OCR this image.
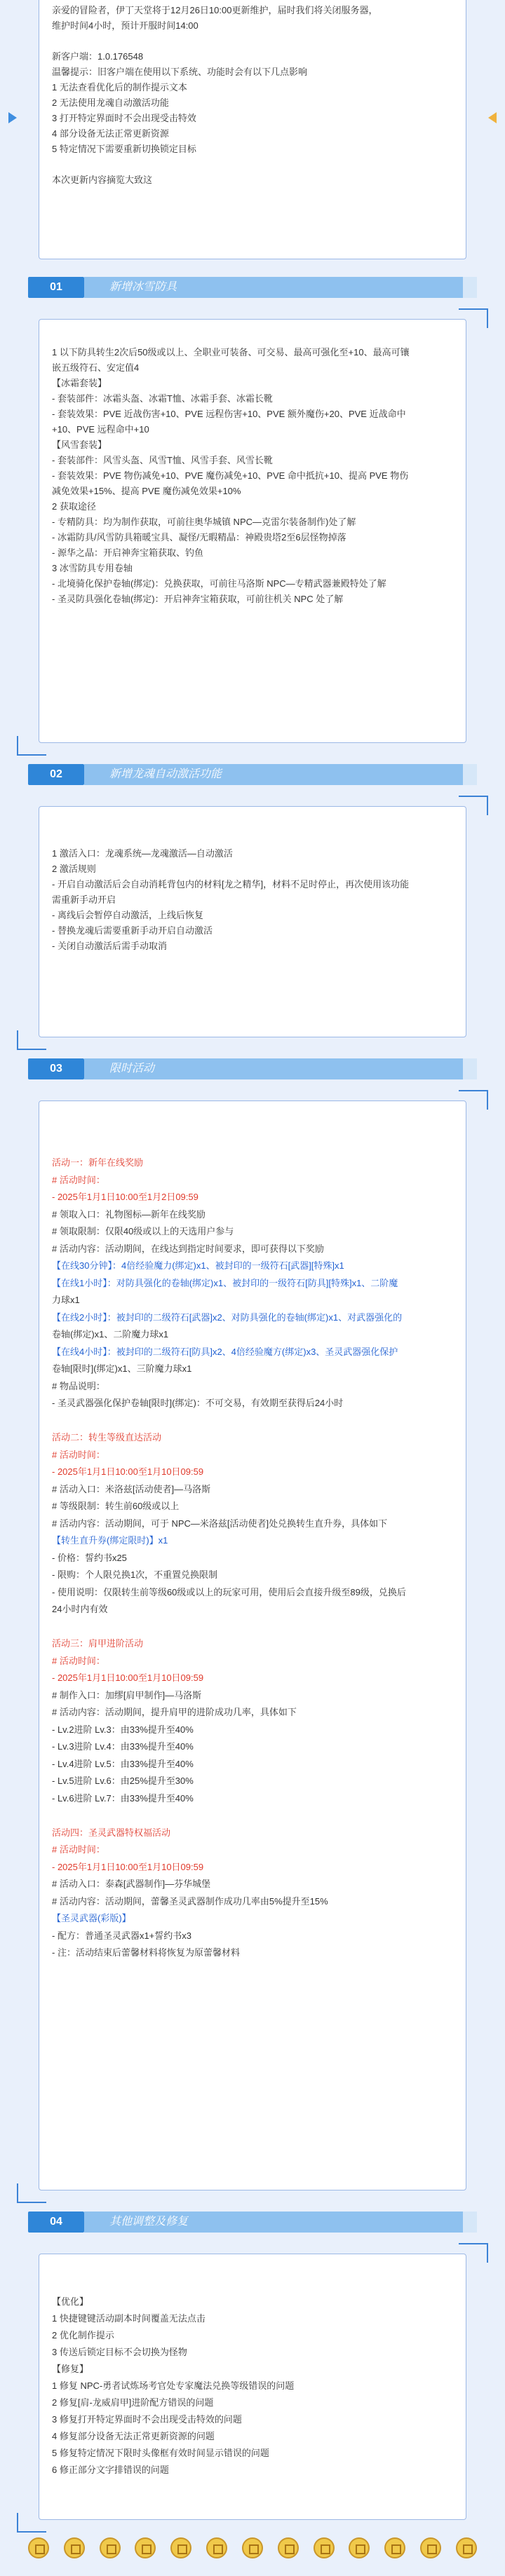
亲爱的冒险者，伊丁天堂将于12月26日10:00更新维护，届时我们将关闭服务器，
维护时间4小时，预计开服时间14:00

新客户端：1.0.176548
温馨提示：旧客户端在使用以下系统、功能时会有以下几点影响
1 无法查看优化后的制作提示文本
2 无法使用龙魂自动激活功能
3 打开特定界面时不会出现受击特效
4 部分设备无法正常更新资源
5 特定情况下需要重新切换锁定目标

本次更新内容摘览大致这
01	新增冰雪防具
1 以下防具转生2次后50级或以上、全职业可装备、可交易、最高可强化至+10、最高可镶
嵌五级符石、安定值4
【冰霜套装】
- 套装部件：冰霜头盔、冰霜T恤、冰霜手套、冰霜长靴
- 套装效果：PVE 近战伤害+10、PVE 远程伤害+10、PVE 额外魔伤+20、PVE 近战命中
+10、PVE 远程命中+10
【风雪套装】
- 套装部件：风雪头盔、风雪T恤、风雪手套、风雪长靴
- 套装效果：PVE 物伤减免+10、PVE 魔伤减免+10、PVE 命中抵抗+10、提高 PVE 物伤
减免效果+15%、提高 PVE 魔伤减免效果+10%
2 获取途径
- 专精防具：均为制作获取，可前往奥华城镇 NPC—克雷尔装备制作)处了解
- 冰霜防具/风雪防具箱暖宝具、凝怪/无暇精晶：神殿贵塔2至6层怪物掉落
- 源华之晶：开启神奔宝箱获取、钓鱼
3 冰雪防具专用卷轴
- 北境骑化保护卷轴(绑定)：兑换获取，可前往马洛斯 NPC—专精武器兼殿特处了解
- 圣灵防具强化卷轴(绑定)：开启神奔宝箱获取，可前往机关 NPC 处了解
02	新增龙魂自动激活功能
1 激活入口：龙魂系统—龙魂激活—自动激活
2 激活规则
- 开启自动激活后会自动消耗背包内的材料[龙之精华]，材料不足时停止，再次使用该功能
需重新手动开启
- 离线后会暂停自动激活，上线后恢复
- 替换龙魂后需要重新手动开启自动激活
- 关闭自动激活后需手动取消
03	限时活动
活动一：新年在线奖励
# 活动时间：
- 2025年1月1日10:00至1月2日09:59
# 领取入口：礼物图标—新年在线奖励
# 领取限制：仅限40级或以上的天选用户参与
# 活动内容：活动期间，在线达到指定时间要求，即可获得以下奖励
【在线30分钟】：4倍经验魔力(绑定)x1、被封印的一级符石[武器][特殊]x1
【在线1小时】：对防具强化的卷轴(绑定)x1、被封印的一级符石[防具][特殊]x1、二阶魔
力球x1
【在线2小时】：被封印的二级符石[武器]x2、对防具强化的卷轴(绑定)x1、对武器强化的
卷轴(绑定)x1、二阶魔力球x1
【在线4小时】：被封印的二级符石[防具]x2、4倍经验魔方(绑定)x3、圣灵武器强化保护
卷轴[限时](绑定)x1、三阶魔力球x1
# 物品说明：
- 圣灵武器强化保护卷轴[限时](绑定)：不可交易，有效期至获得后24小时

活动二：转生等级直达活动
# 活动时间：
- 2025年1月1日10:00至1月10日09:59
# 活动入口：米洛兹[活动使者]—马洛斯
# 等级限制：转生前60级或以上
# 活动内容：活动期间，可于 NPC—米洛兹[活动使者]处兑换转生直升券，具体如下
【转生直升券(绑定限时)】x1
- 价格：誓约书x25
- 限购：个人限兑换1次，不重置兑换限制
- 使用说明：仅限转生前等级60级或以上的玩家可用，使用后会直接升级至89级，兑换后
24小时内有效

活动三：肩甲进阶活动
# 活动时间：
- 2025年1月1日10:00至1月10日09:59
# 制作入口：加缪[肩甲制作]—马洛斯
# 活动内容：活动期间，提升肩甲的进阶成功几率，具体如下
- Lv.2进阶 Lv.3：由33%提升至40%
- Lv.3进阶 Lv.4：由33%提升至40%
- Lv.4进阶 Lv.5：由33%提升至40%
- Lv.5进阶 Lv.6：由25%提升至30%
- Lv.6进阶 Lv.7：由33%提升至40%

活动四：圣灵武器特权福活动
# 活动时间：
- 2025年1月1日10:00至1月10日09:59
# 活动入口：泰森[武器制作]—芬华城堡
# 活动内容：活动期间，蕾馨圣灵武器制作成功几率由5%提升至15%
【圣灵武器(彩版)】
- 配方：普通圣灵武器x1+誓约书x3
- 注：活动结束后蕾馨材料将恢复为原蕾馨材料
04	其他调整及修复
【优化】
1 快捷键键活动副本时间覆盖无法点击
2 优化制作提示
3 传送后锁定目标不会切换为怪物
【修复】
1 修复 NPC-勇者试炼场考官处专家魔法兑换等级错误的问题
2 修复[肩-龙威肩甲]进阶配方错误的问题
3 修复打开特定界面时不会出现受击特效的问题
4 修复部分设备无法正常更新资源的问题
5 修复特定情况下限时头像框有效时间显示错误的问题
6 修正部分文字排错误的问题
